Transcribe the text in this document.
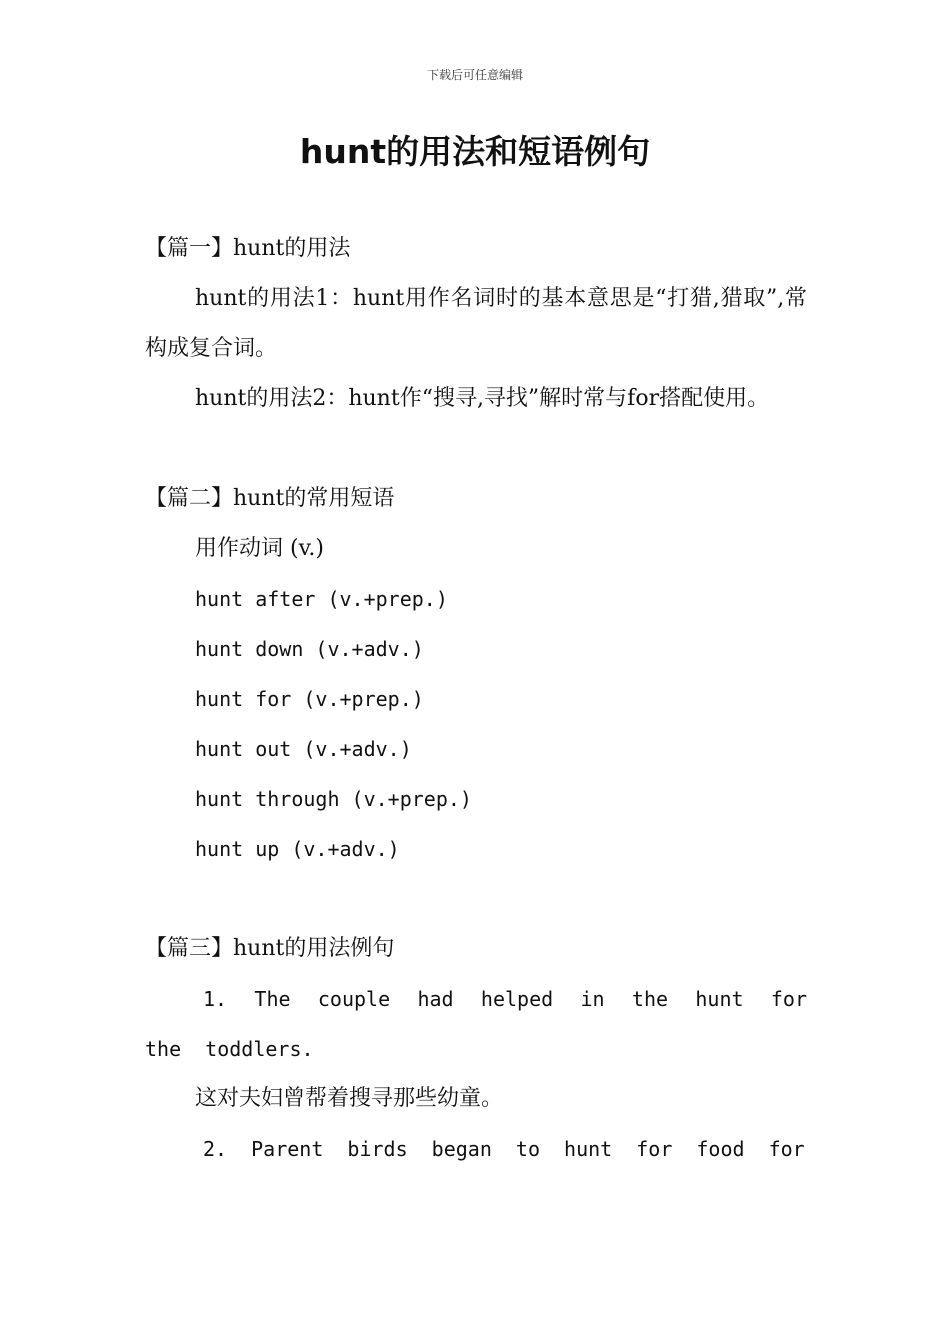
下载后可任意编辑
hunt的用法和短语例句

【篇一】hunt的用法

hunt的用法1：hunt用作名词时的基本意思是“打猎,猎取”,常构成复合词。

hunt的用法2：hunt作“搜寻,寻找”解时常与for搭配使用。

【篇二】hunt的常用短语

用作动词 (v.)

hunt after (v.+prep.)

hunt down (v.+adv.)

hunt for (v.+prep.)

hunt out (v.+adv.)

hunt through (v.+prep.)

hunt up (v.+adv.)

【篇三】hunt的用法例句

1. The couple had helped in the hunt for the toddlers.

这对夫妇曾帮着搜寻那些幼童。

2. Parent birds began to hunt for food for
